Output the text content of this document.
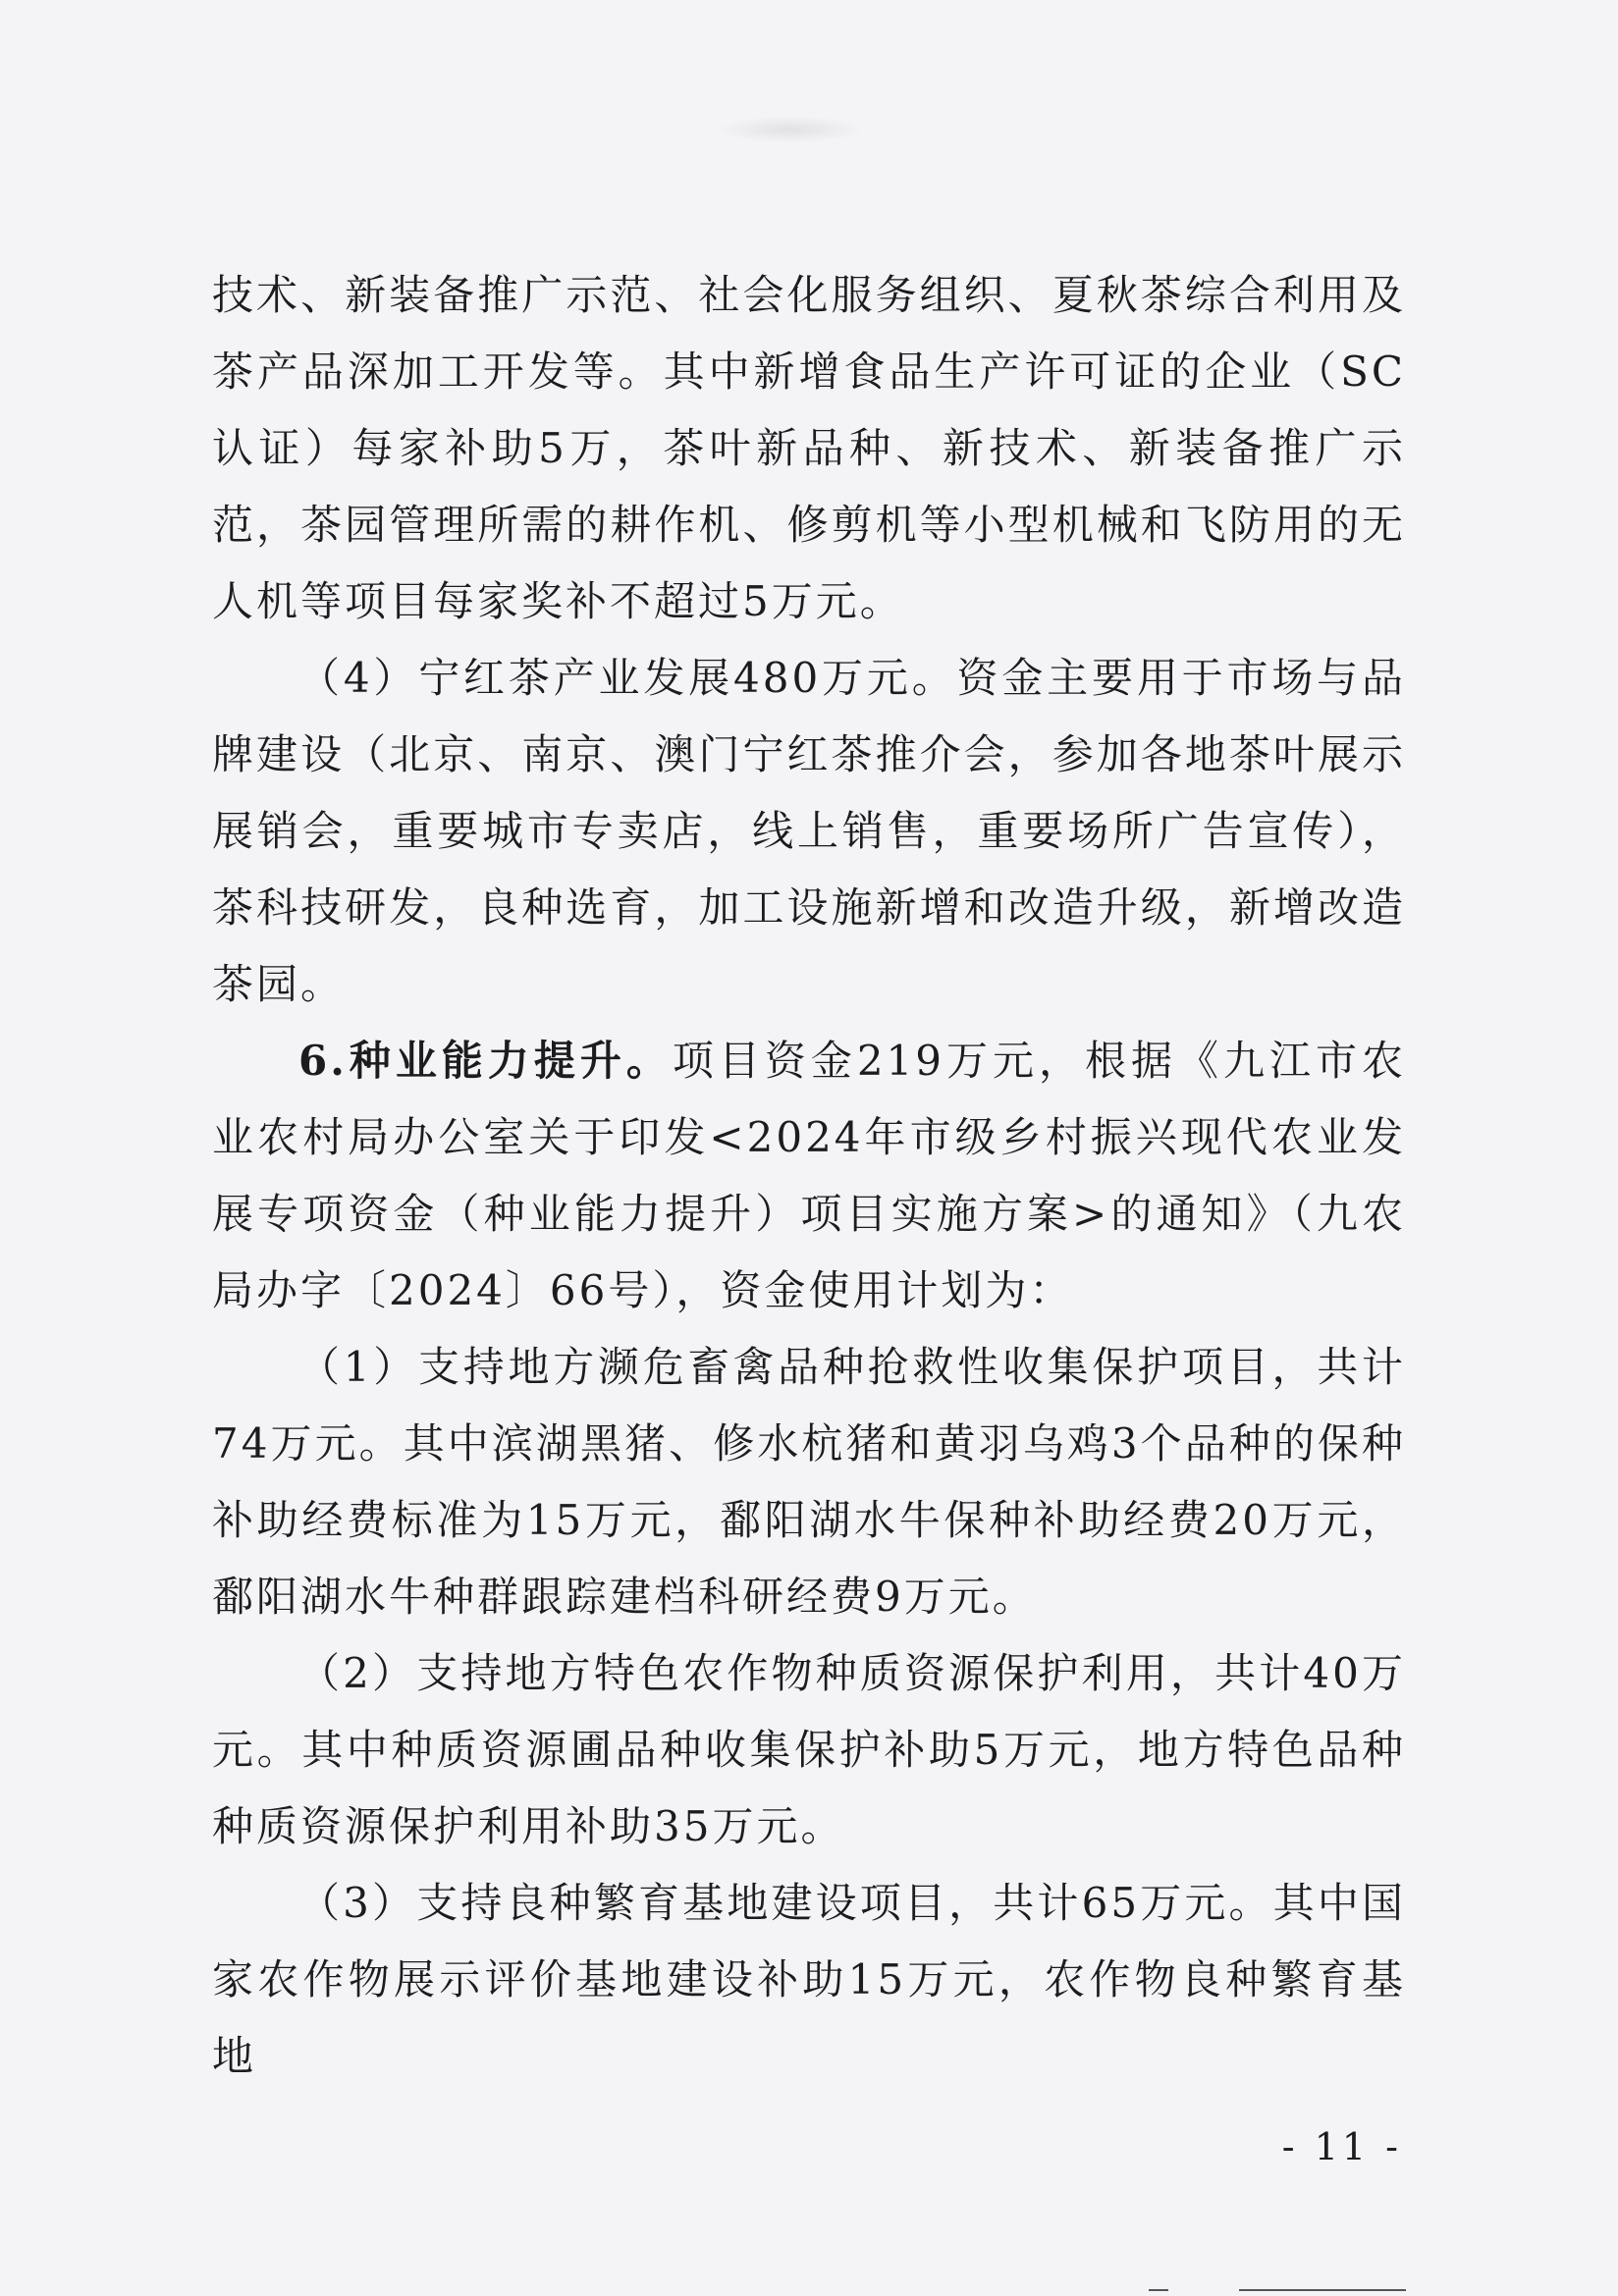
技术、新装备推广示范、社会化服务组织、夏秋茶综合利用及茶产品深加工开发等。其中新增食品生产许可证的企业（SC认证）每家补助5万，茶叶新品种、新技术、新装备推广示范，茶园管理所需的耕作机、修剪机等小型机械和飞防用的无人机等项目每家奖补不超过5万元。

（4）宁红茶产业发展480万元。资金主要用于市场与品牌建设（北京、南京、澳门宁红茶推介会，参加各地茶叶展示展销会，重要城市专卖店，线上销售，重要场所广告宣传），茶科技研发，良种选育，加工设施新增和改造升级，新增改造茶园。

6.种业能力提升。项目资金219万元，根据《九江市农业农村局办公室关于印发<2024年市级乡村振兴现代农业发展专项资金（种业能力提升）项目实施方案>的通知》（九农局办字〔2024〕66号），资金使用计划为：

（1）支持地方濒危畜禽品种抢救性收集保护项目，共计74万元。其中滨湖黑猪、修水杭猪和黄羽乌鸡3个品种的保种补助经费标准为15万元，鄱阳湖水牛保种补助经费20万元，鄱阳湖水牛种群跟踪建档科研经费9万元。

（2）支持地方特色农作物种质资源保护利用，共计40万元。其中种质资源圃品种收集保护补助5万元，地方特色品种种质资源保护利用补助35万元。

（3）支持良种繁育基地建设项目，共计65万元。其中国家农作物展示评价基地建设补助15万元，农作物良种繁育基地

- 11 -
